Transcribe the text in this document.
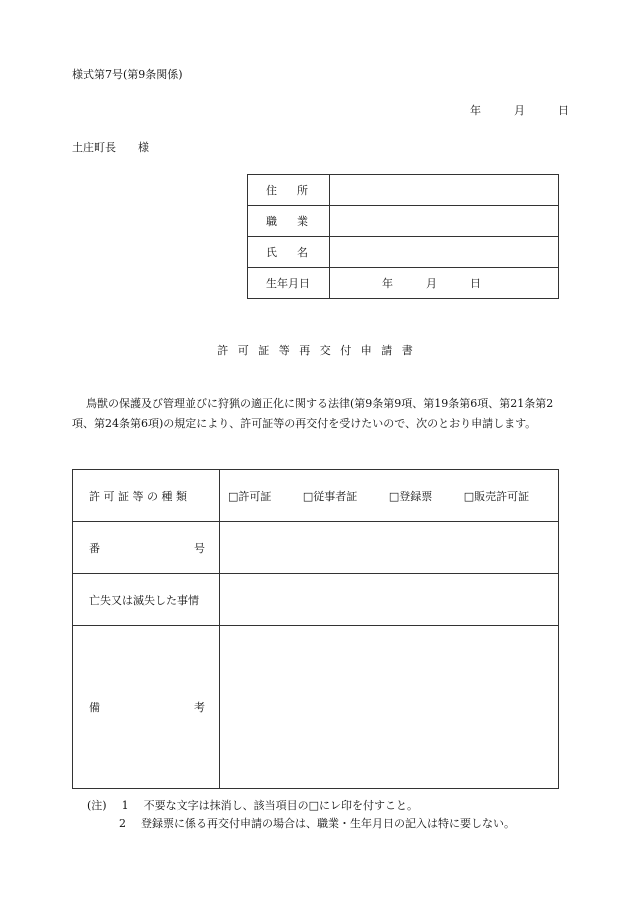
様式第7号(第9条関係)
年	月	日
土庄町長　　様
住 所	

職 業	

氏 名	

生年月日	年 月 日
許 可 証 等 再 交 付 申 請 書
鳥獣の保護及び管理並びに狩猟の適正化に関する法律(第9条第9項、第19条第6項、第21条第2項、第24条第6項)の規定により、許可証等の再交付を受けたいので、次のとおり申請します。
許 可 証 等 の 種 類	□許可証 □従事者証 □登録票 □販売許可証

番 号	

亡失又は滅失した事情	

備 考	

(注) 1 不要な文字は抹消し、該当項目の□にレ印を付すこと。
2 登録票に係る再交付申請の場合は、職業・生年月日の記入は特に要しない。
